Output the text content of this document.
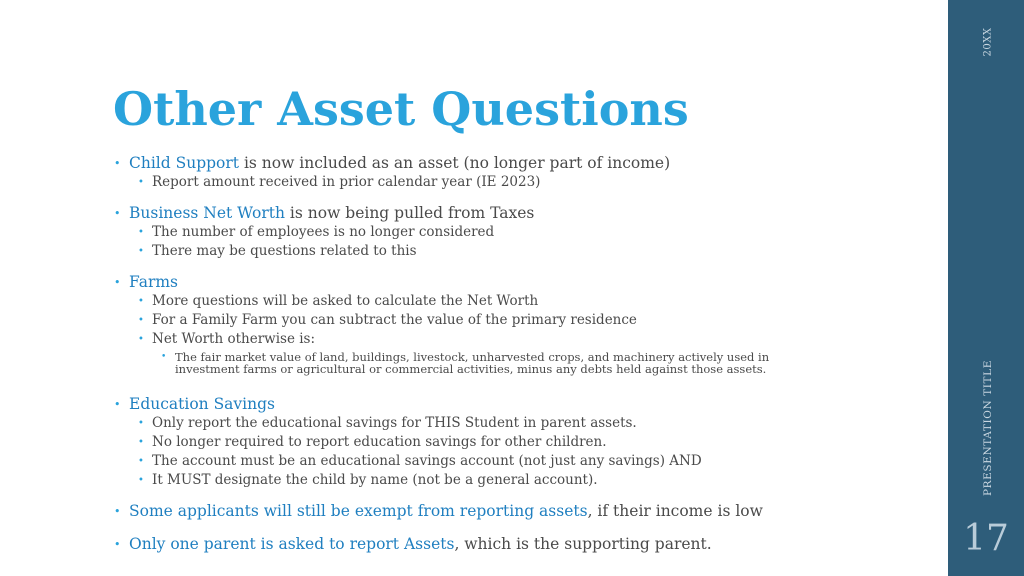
20XX
PRESENTATION TITLE
17
Other Asset Questions
• Child Support is now included as an asset (no longer part of income)
• Report amount received in prior calendar year (IE 2023)
• Business Net Worth is now being pulled from Taxes
• The number of employees is no longer considered
• There may be questions related to this
• Farms
• More questions will be asked to calculate the Net Worth
• For a Family Farm you can subtract the value of the primary residence
• Net Worth otherwise is:
• The fair market value of land, buildings, livestock, unharvested crops, and machinery actively used in investment farms or agricultural or commercial activities, minus any debts held against those assets.
• Education Savings
• Only report the educational savings for THIS Student in parent assets.
• No longer required to report education savings for other children.
• The account must be an educational savings account (not just any savings) AND
• It MUST designate the child by name (not be a general account).
• Some applicants will still be exempt from reporting assets, if their income is low
• Only one parent is asked to report Assets, which is the supporting parent.
